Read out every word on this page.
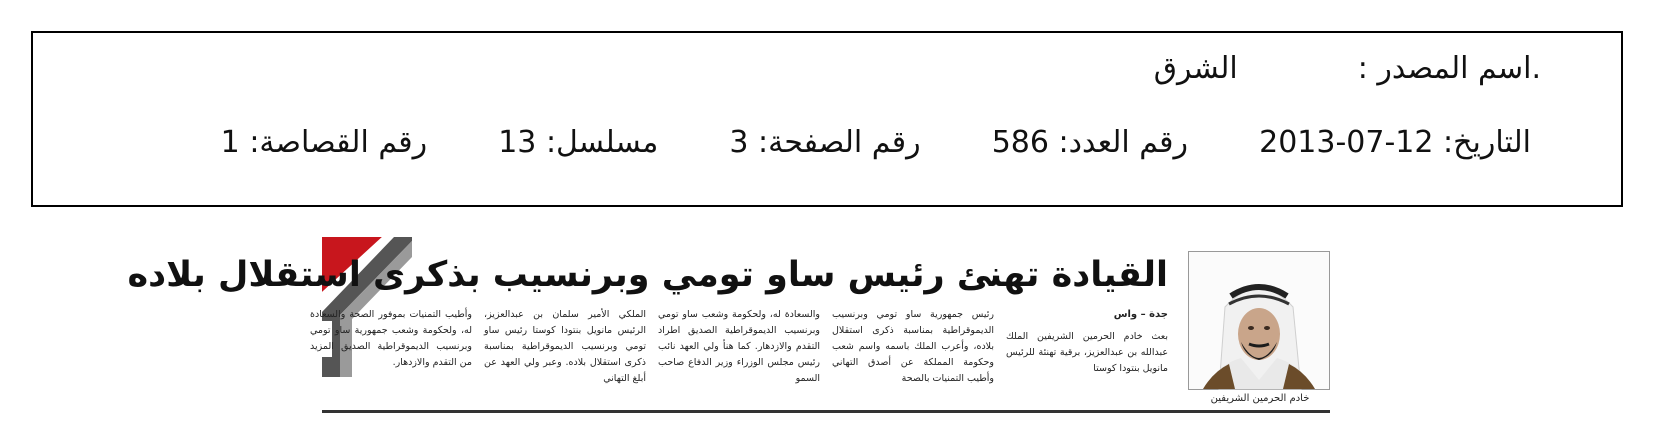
.اسم المصدر :الشرق
التاريخ: 2013-07-12  رقم العدد: 586  رقم الصفحة: 3  مسلسل: 13  رقم القصاصة: 1
القيادة تهنئ رئيس ساو تومي وبرنسيب بذكرى استقلال بلاده
خادم الحرمين الشريفين
جدة – واس
بعث خادم الحرمين الشريفين الملك عبدالله بن عبدالعزيز، برقية تهنئة للرئيس مانويل بنتودا كوستا
رئيس جمهورية ساو تومي وبرنسيب الديموقراطية بمناسبة ذكرى استقلال بلاده، وأعرب الملك باسمه واسم شعب وحكومة المملكة عن أصدق التهاني وأطيب التمنيات بالصحة
والسعادة له، ولحكومة وشعب ساو تومي وبرنسيب الديموقراطية الصديق اطراد التقدم والازدهار. كما هنأ ولي العهد نائب رئيس مجلس الوزراء وزير الدفاع صاحب السمو
الملكي الأمير سلمان بن عبدالعزيز، الرئيس مانويل بنتودا كوستا رئيس ساو تومي وبرنسيب الديموقراطية بمناسبة ذكرى استقلال بلاده. وعبر ولي العهد عن أبلغ التهاني
وأطيب التمنيات بموفور الصحة والسعادة له، ولحكومة وشعب جمهورية ساو تومي وبرنسيب الديموقراطية الصديق المزيد من التقدم والازدهار.
